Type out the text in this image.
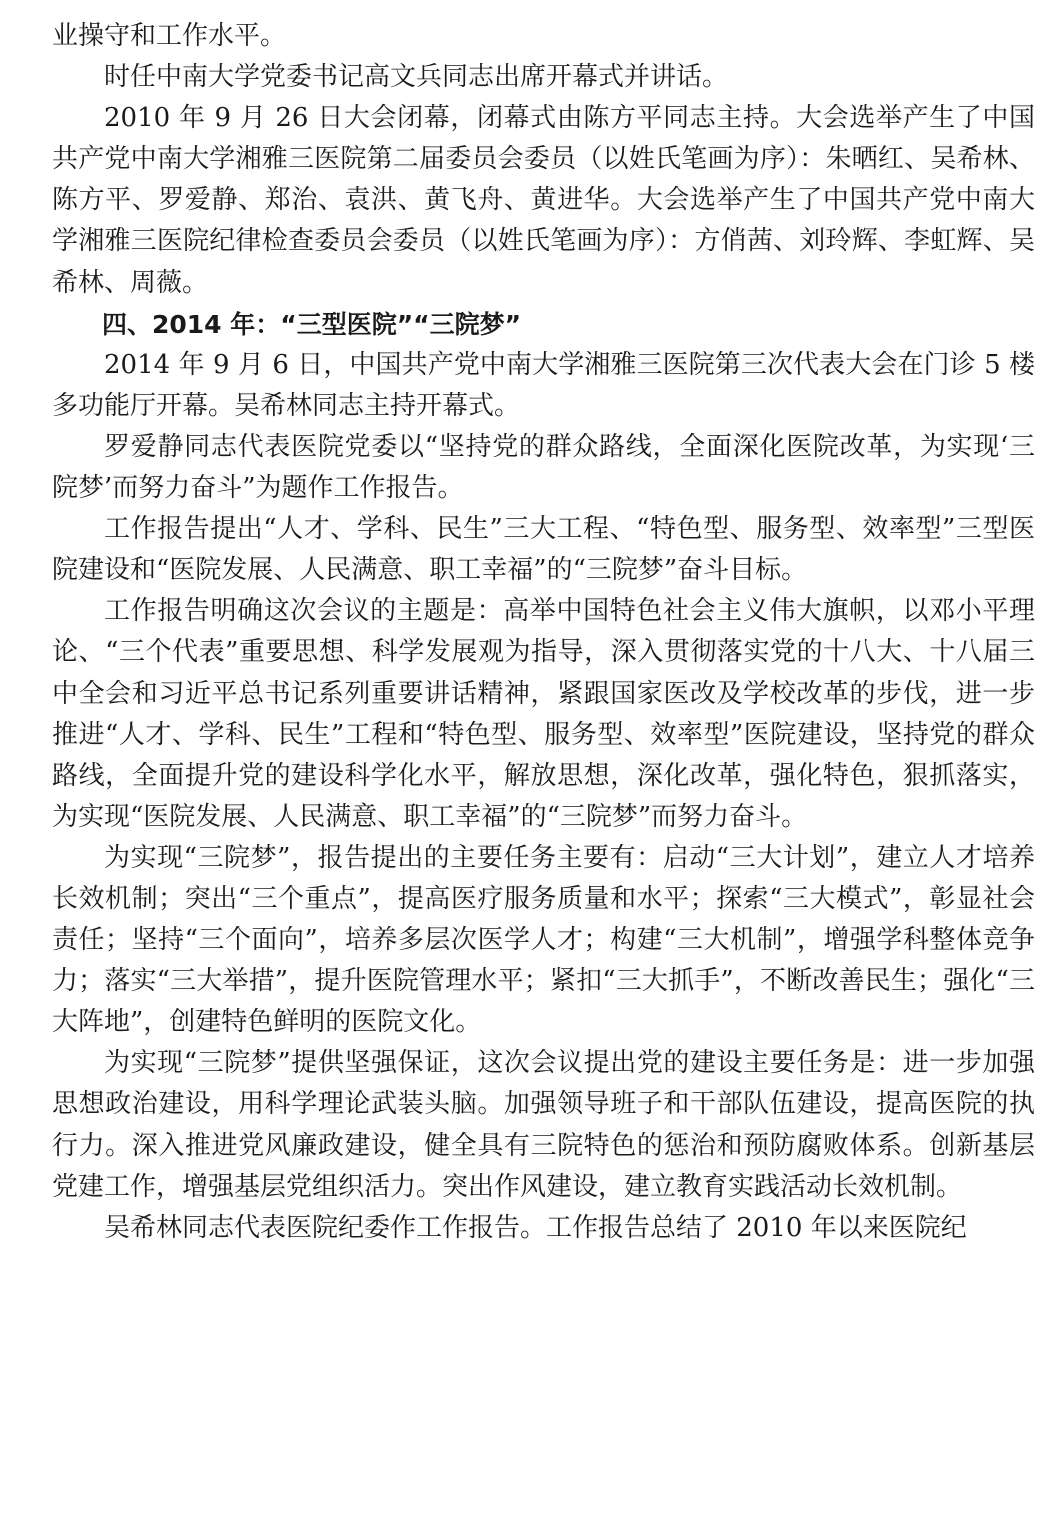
业操守和工作水平。

时任中南大学党委书记高文兵同志出席开幕式并讲话。

2010 年 9 月 26 日大会闭幕，闭幕式由陈方平同志主持。大会选举产生了中国共产党中南大学湘雅三医院第二届委员会委员（以姓氏笔画为序）：朱晒红、吴希林、陈方平、罗爱静、郑治、袁洪、黄飞舟、黄进华。大会选举产生了中国共产党中南大学湘雅三医院纪律检查委员会委员（以姓氏笔画为序）：方俏茜、刘玲辉、李虹辉、吴希林、周薇。

四、2014 年：“三型医院”“三院梦”

2014 年 9 月 6 日，中国共产党中南大学湘雅三医院第三次代表大会在门诊 5 楼多功能厅开幕。吴希林同志主持开幕式。

罗爱静同志代表医院党委以“坚持党的群众路线，全面深化医院改革，为实现‘三院梦’而努力奋斗”为题作工作报告。

工作报告提出“人才、学科、民生”三大工程、“特色型、服务型、效率型”三型医院建设和“医院发展、人民满意、职工幸福”的“三院梦”奋斗目标。

工作报告明确这次会议的主题是：高举中国特色社会主义伟大旗帜，以邓小平理论、“三个代表”重要思想、科学发展观为指导，深入贯彻落实党的十八大、十八届三中全会和习近平总书记系列重要讲话精神，紧跟国家医改及学校改革的步伐，进一步推进“人才、学科、民生”工程和“特色型、服务型、效率型”医院建设，坚持党的群众路线，全面提升党的建设科学化水平，解放思想，深化改革，强化特色，狠抓落实，为实现“医院发展、人民满意、职工幸福”的“三院梦”而努力奋斗。

为实现“三院梦”，报告提出的主要任务主要有：启动“三大计划”，建立人才培养长效机制；突出“三个重点”，提高医疗服务质量和水平；探索“三大模式”，彰显社会责任；坚持“三个面向”，培养多层次医学人才；构建“三大机制”，增强学科整体竞争力；落实“三大举措”，提升医院管理水平；紧扣“三大抓手”，不断改善民生；强化“三大阵地”，创建特色鲜明的医院文化。

为实现“三院梦”提供坚强保证，这次会议提出党的建设主要任务是：进一步加强思想政治建设，用科学理论武装头脑。加强领导班子和干部队伍建设，提高医院的执行力。深入推进党风廉政建设，健全具有三院特色的惩治和预防腐败体系。创新基层党建工作，增强基层党组织活力。突出作风建设，建立教育实践活动长效机制。

吴希林同志代表医院纪委作工作报告。工作报告总结了 2010 年以来医院纪
